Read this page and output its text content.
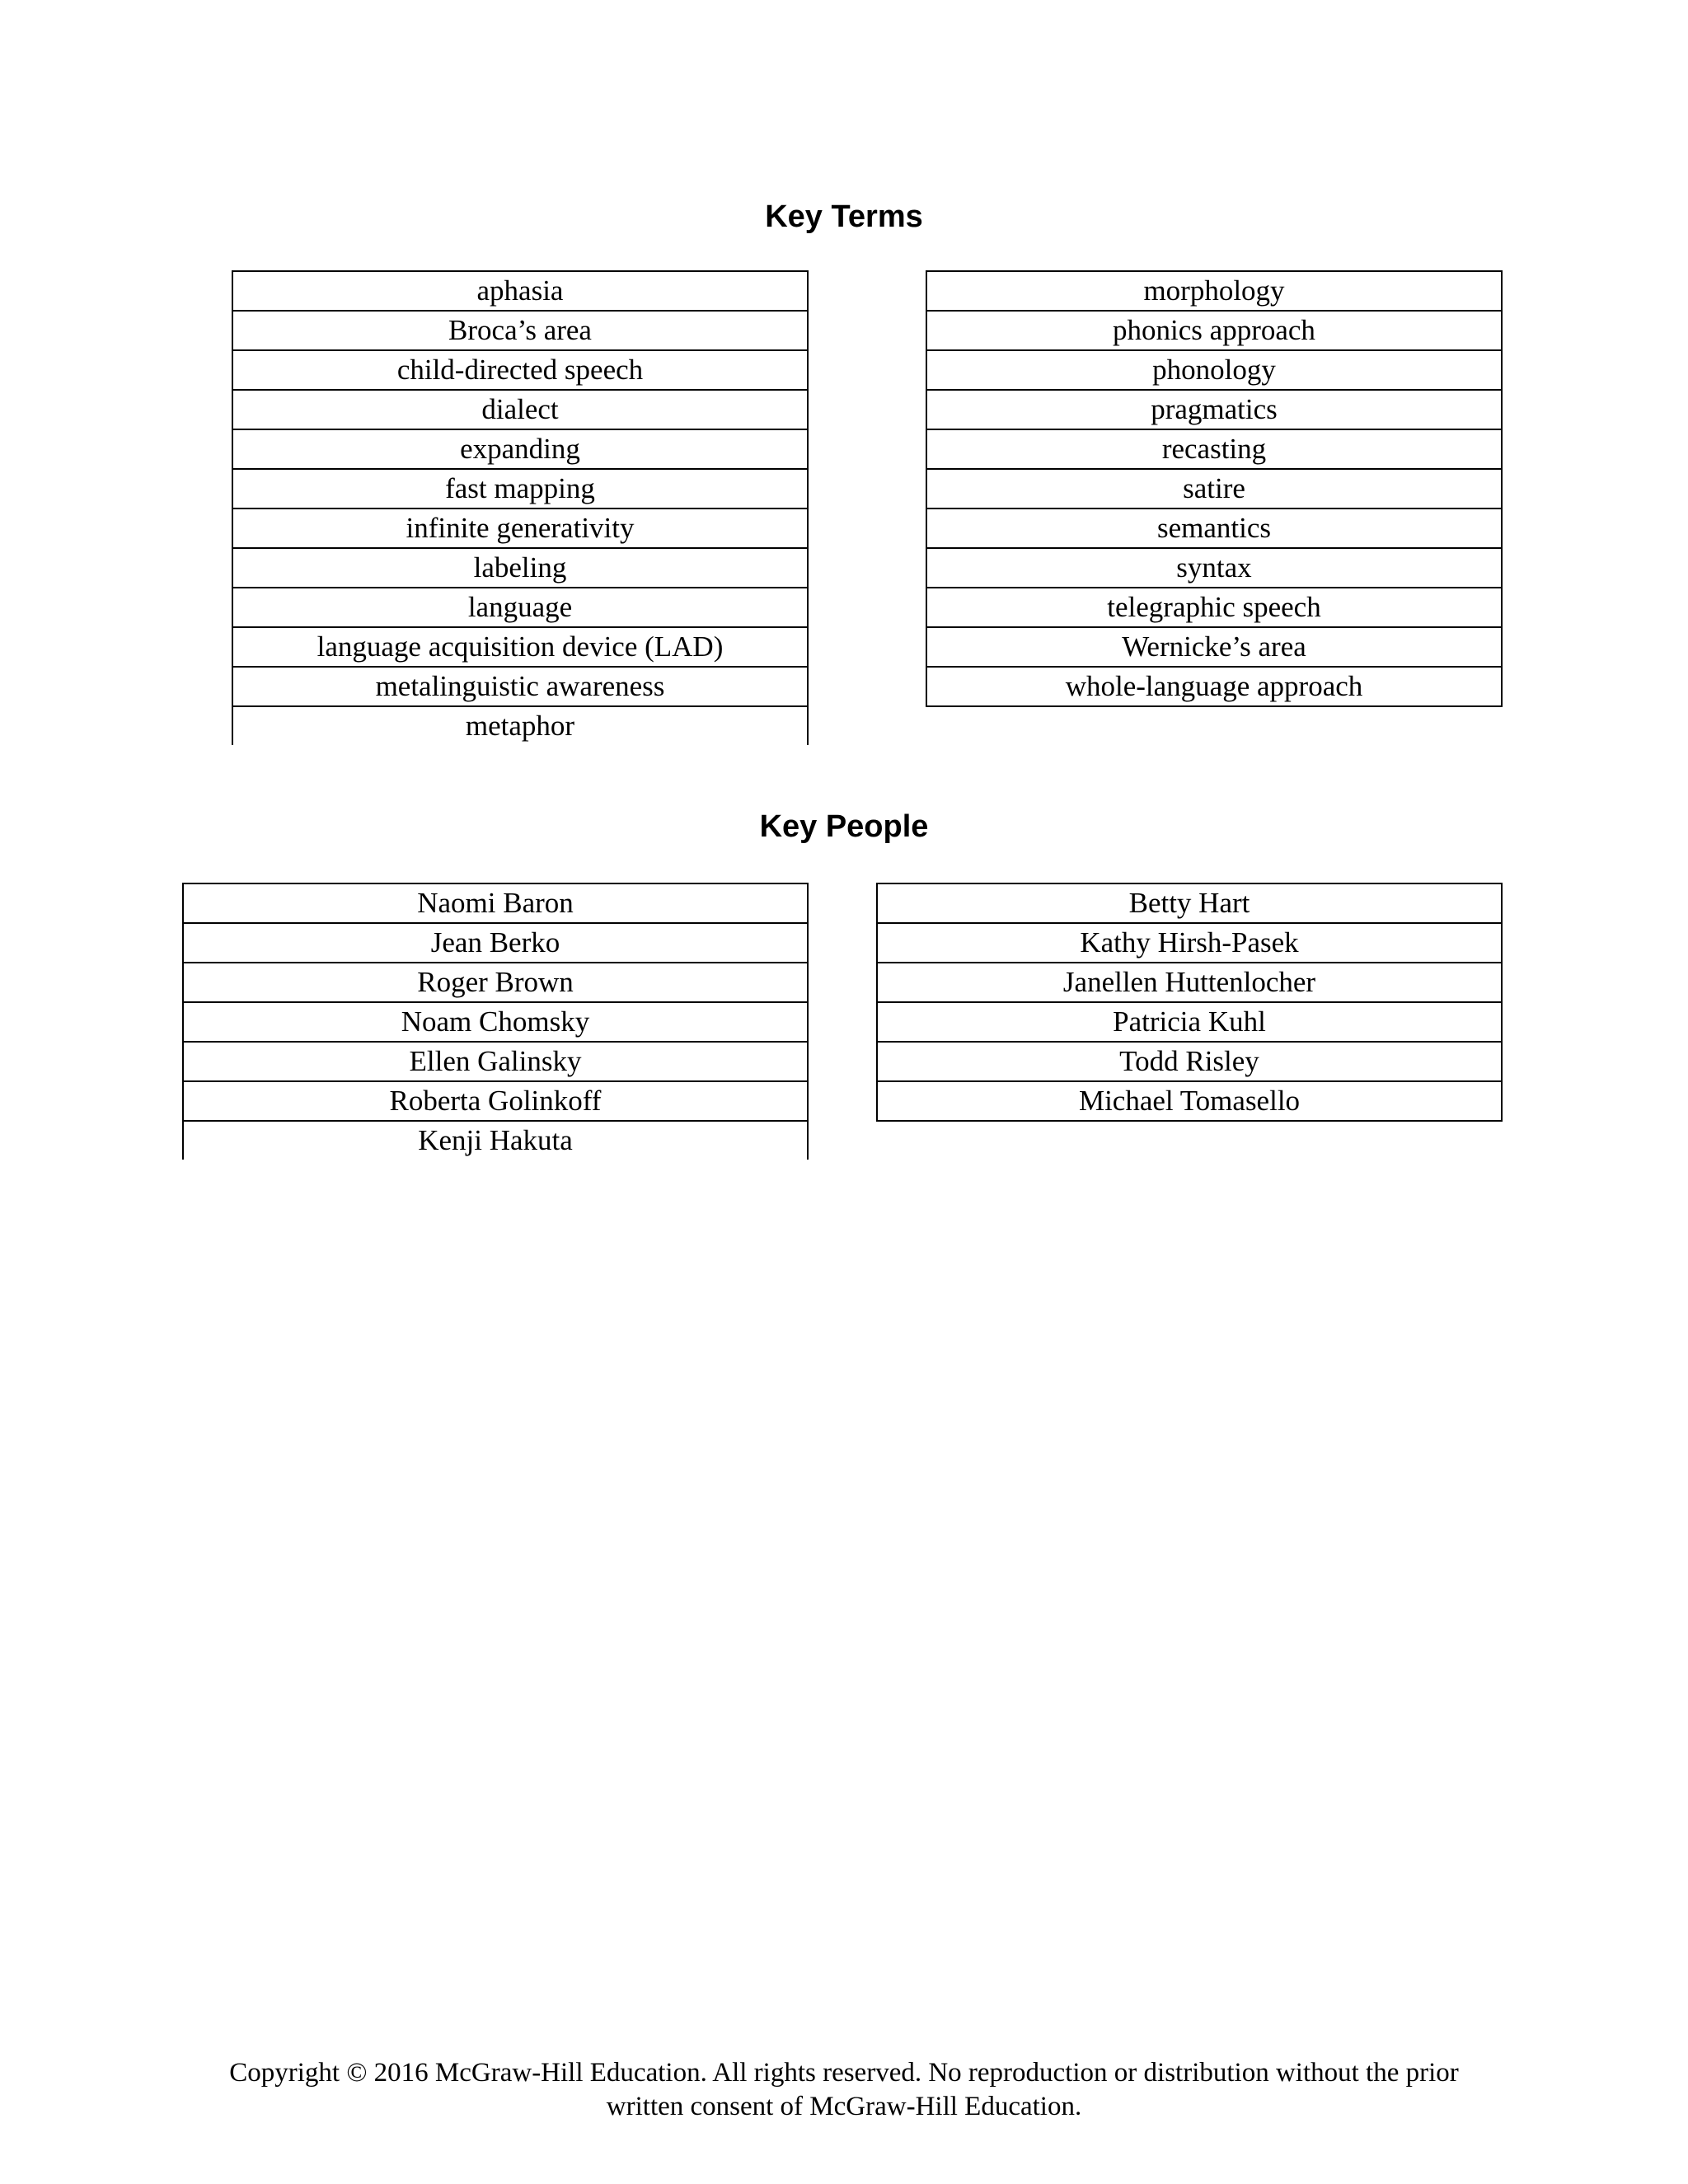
Key Terms
aphasia
Broca’s area
child-directed speech
dialect
expanding
fast mapping
infinite generativity
labeling
language
language acquisition device (LAD)
metalinguistic awareness
metaphor
morphology
phonics approach
phonology
pragmatics
recasting
satire
semantics
syntax
telegraphic speech
Wernicke’s area
whole-language approach
Key People
Naomi Baron
Jean Berko
Roger Brown
Noam Chomsky
Ellen Galinsky
Roberta Golinkoff
Kenji Hakuta
Betty Hart
Kathy Hirsh-Pasek
Janellen Huttenlocher
Patricia Kuhl
Todd Risley
Michael Tomasello

Copyright © 2016 McGraw-Hill Education. All rights reserved. No reproduction or distribution without the prior
written consent of McGraw-Hill Education.
